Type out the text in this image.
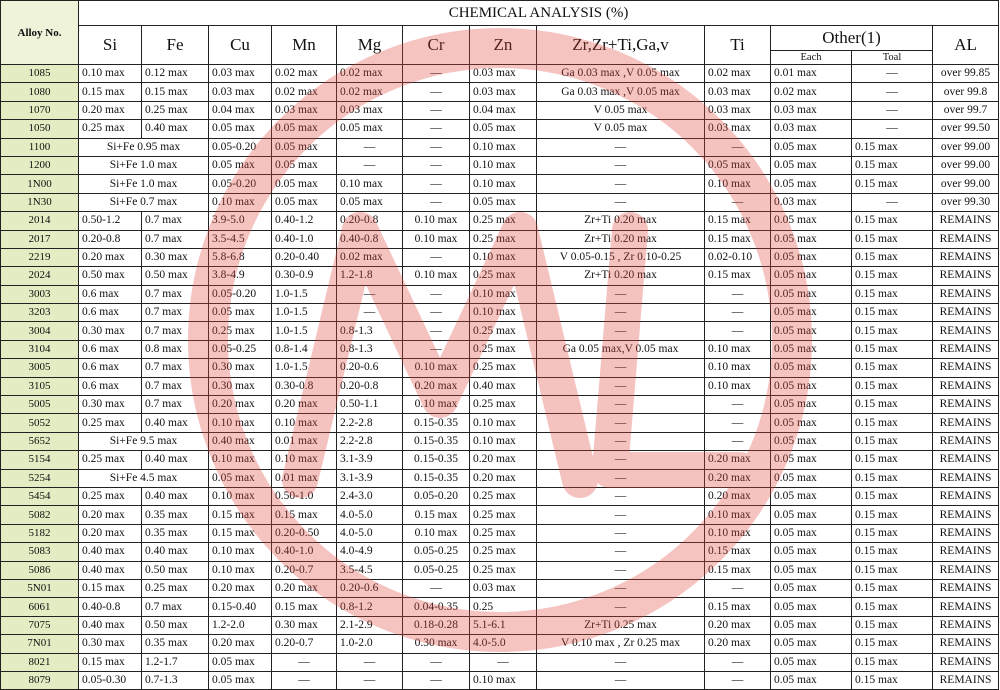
Alloy No.	CHEMICAL ANALYSIS (%)											
	Si	Fe	Cu	Mn	Mg	Cr	Zn	Zr,Zr+Ti,Ga,v	Ti	Other(1)		AL
										Each	Toal	
1085	0.10 max	0.12 max	0.03 max	0.02 max	0.02 max	—	0.03 max	Ga 0.03 max ,V 0.05 max	0.02 max	0.01 max	—	over 99.85
1080	0.15 max	0.15 max	0.03 max	0.02 max	0.02 max	—	0.03 max	Ga 0.03 max ,V 0.05 max	0.03 max	0.02 max	—	over 99.8
1070	0.20 max	0.25 max	0.04 max	0.03 max	0.03 max	—	0.04 max	V 0.05 max	0.03 max	0.03 max	—	over 99.7
1050	0.25 max	0.40 max	0.05 max	0.05 max	0.05 max	—	0.05 max	V 0.05 max	0.03 max	0.03 max	—	over 99.50
1100	Si+Fe 0.95 max		0.05-0.20	0.05 max	—	—	0.10 max	—	—	0.05 max	0.15 max	over 99.00
1200	Si+Fe 1.0 max		0.05 max	0.05 max	—	—	0.10 max	—	0.05 max	0.05 max	0.15 max	over 99.00
1N00	Si+Fe 1.0 max		0.05-0.20	0.05 max	0.10 max	—	0.10 max	—	0.10 max	0.05 max	0.15 max	over 99.00
1N30	Si+Fe 0.7 max		0.10 max	0.05 max	0.05 max	—	0.05 max	—	—	0.03 max	—	over 99.30
2014	0.50-1.2	0.7 max	3.9-5.0	0.40-1.2	0.20-0.8	0.10 max	0.25 max	Zr+Ti 0.20 max	0.15 max	0.05 max	0.15 max	REMAINS
2017	0.20-0.8	0.7 max	3.5-4.5	0.40-1.0	0.40-0.8	0.10 max	0.25 max	Zr+Ti 0.20 max	0.15 max	0.05 max	0.15 max	REMAINS
2219	0.20 max	0.30 max	5.8-6.8	0.20-0.40	0.02 max	—	0.10 max	V 0.05-0.15 , Zr 0.10-0.25	0.02-0.10	0.05 max	0.15 max	REMAINS
2024	0.50 max	0.50 max	3.8-4.9	0.30-0.9	1.2-1.8	0.10 max	0.25 max	Zr+Ti 0.20 max	0.15 max	0.05 max	0.15 max	REMAINS
3003	0.6 max	0.7 max	0.05-0.20	1.0-1.5	—	—	0.10 max	—	—	0.05 max	0.15 max	REMAINS
3203	0.6 max	0.7 max	0.05 max	1.0-1.5	—	—	0.10 max	—	—	0.05 max	0.15 max	REMAINS
3004	0.30 max	0.7 max	0.25 max	1.0-1.5	0.8-1.3	—	0.25 max	—	—	0.05 max	0.15 max	REMAINS
3104	0.6 max	0.8 max	0.05-0.25	0.8-1.4	0.8-1.3	—	0.25 max	Ga 0.05 max,V 0.05 max	0.10 max	0.05 max	0.15 max	REMAINS
3005	0.6 max	0.7 max	0.30 max	1.0-1.5	0.20-0.6	0.10 max	0.25 max	—	0.10 max	0.05 max	0.15 max	REMAINS
3105	0.6 max	0.7 max	0.30 max	0.30-0.8	0.20-0.8	0.20 max	0.40 max	—	0.10 max	0.05 max	0.15 max	REMAINS
5005	0.30 max	0.7 max	0.20 max	0.20 max	0.50-1.1	0.10 max	0.25 max	—	—	0.05 max	0.15 max	REMAINS
5052	0.25 max	0.40 max	0.10 max	0.10 max	2.2-2.8	0.15-0.35	0.10 max	—	—	0.05 max	0.15 max	REMAINS
5652	Si+Fe 9.5 max		0.40 max	0.01 max	2.2-2.8	0.15-0.35	0.10 max	—	—	0.05 max	0.15 max	REMAINS
5154	0.25 max	0.40 max	0.10 max	0.10 max	3.1-3.9	0.15-0.35	0.20 max	—	0.20 max	0.05 max	0.15 max	REMAINS
5254	Si+Fe 4.5 max		0.05 max	0.01 max	3.1-3.9	0.15-0.35	0.20 max	—	0.20 max	0.05 max	0.15 max	REMAINS
5454	0.25 max	0.40 max	0.10 max	0.50-1.0	2.4-3.0	0.05-0.20	0.25 max	—	0.20 max	0.05 max	0.15 max	REMAINS
5082	0.20 max	0.35 max	0.15 max	0.15 max	4.0-5.0	0.15 max	0.25 max	—	0.10 max	0.05 max	0.15 max	REMAINS
5182	0.20 max	0.35 max	0.15 max	0.20-0.50	4.0-5.0	0.10 max	0.25 max	—	0.10 max	0.05 max	0.15 max	REMAINS
5083	0.40 max	0.40 max	0.10 max	0.40-1.0	4.0-4.9	0.05-0.25	0.25 max	—	0.15 max	0.05 max	0.15 max	REMAINS
5086	0.40 max	0.50 max	0.10 max	0.20-0.7	3.5-4.5	0.05-0.25	0.25 max	—	0.15 max	0.05 max	0.15 max	REMAINS
5N01	0.15 max	0.25 max	0.20 max	0.20 max	0.20-0.6	—	0.03 max	—	—	0.05 max	0.15 max	REMAINS
6061	0.40-0.8	0.7 max	0.15-0.40	0.15 max	0.8-1.2	0.04-0.35	0.25	—	0.15 max	0.05 max	0.15 max	REMAINS
7075	0.40 max	0.50 max	1.2-2.0	0.30 max	2.1-2.9	0.18-0.28	5.1-6.1	Zr+Ti 0.25 max	0.20 max	0.05 max	0.15 max	REMAINS
7N01	0.30 max	0.35 max	0.20 max	0.20-0.7	1.0-2.0	0.30 max	4.0-5.0	V 0.10 max , Zr 0.25 max	0.20 max	0.05 max	0.15 max	REMAINS
8021	0.15 max	1.2-1.7	0.05 max	—	—	—	—	—	—	0.05 max	0.15 max	REMAINS
8079	0.05-0.30	0.7-1.3	0.05 max	—	—	—	0.10 max	—	—	0.05 max	0.15 max	REMAINS
